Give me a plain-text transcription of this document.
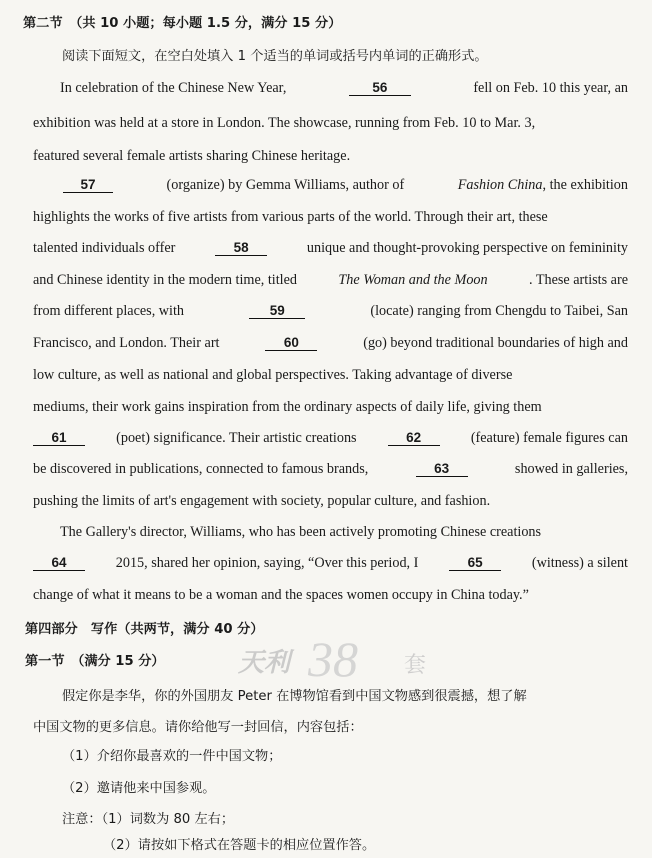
第二节　（共 10 小题；每小题 1.5 分，满分 15 分）
阅读下面短文，在空白处填入 1 个适当的单词或括号内单词的正确形式。
In celebration of the Chinese New Year,	56	fell on Feb. 10 this year, an
exhibition was held at a store in London. The showcase, running from Feb. 10 to Mar. 3,
featured several female artists sharing Chinese heritage.
57	(organize) by Gemma Williams, author of	Fashion China, the exhibition
highlights the works of five artists from various parts of the world. Through their art, these
talented individuals offer	58	unique and thought-provoking perspective on femininity
and Chinese identity in the modern time, titled	The Woman and the Moon	. These artists are
from different places, with	59	(locate) ranging from Chengdu to Taibei, San
Francisco, and London. Their art	60	(go) beyond traditional boundaries of high and
low culture, as well as national and global perspectives. Taking advantage of diverse
mediums, their work gains inspiration from the ordinary aspects of daily life, giving them
61	(poet) significance. Their artistic creations	62	(feature) female figures can
be discovered in publications, connected to famous brands,	63	showed in galleries,
pushing the limits of art's engagement with society, popular culture, and fashion.
The Gallery's director, Williams, who has been actively promoting Chinese creations
64	2015, shared her opinion, saying, “Over this period, I	65	(witness) a silent
change of what it means to be a woman and the spaces women occupy in China today.”
第四部分　写作（共两节，满分 40 分）
第一节　（满分 15 分）	天利 38 套
假定你是李华，你的外国朋友 Peter 在博物馆看到中国文物感到很震撼，想了解
中国文物的更多信息。请你给他写一封回信，内容包括：
（1）介绍你最喜欢的一件中国文物；
（2）邀请他来中国参观。
注意：（1）词数为 80 左右；
（2）请按如下格式在答题卡的相应位置作答。
